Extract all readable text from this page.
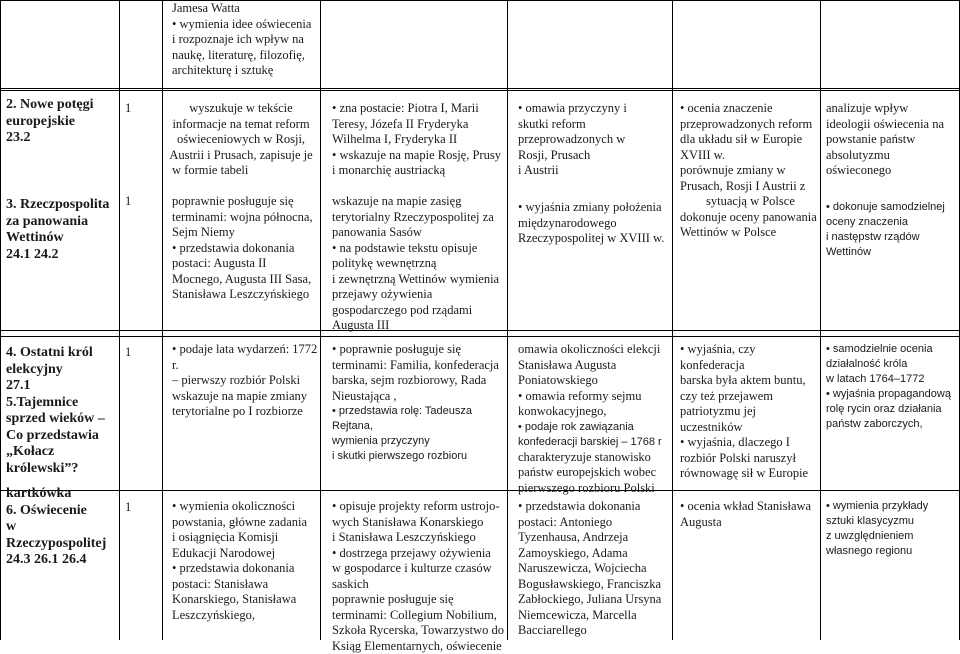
Jamesa Watta
• wymienia idee oświecenia
i rozpoznaje ich wpływ na
naukę, literaturę, filozofię,
architekturę i sztukę
2. Nowe potęgi
europejskie
23.2
3. Rzeczpospolita
za panowania
Wettinów
24.1 24.2
1
1
wyszukuje w tekście
informacje na temat reform
oświeceniowych w Rosji,
Austrii i Prusach, zapisuje je
w formie tabeli
poprawnie posługuje się
terminami: wojna północna,
Sejm Niemy
• przedstawia dokonania
postaci: Augusta II
Mocnego, Augusta III Sasa,
Stanisława Leszczyńskiego
• zna postacie: Piotra I, Marii
Teresy, Józefa II Fryderyka
Wilhelma I, Fryderyka II
• wskazuje na mapie Rosję, Prusy
i monarchię austriacką
wskazuje na mapie zasięg
terytorialny Rzeczypospolitej za
panowania Sasów
• na podstawie tekstu opisuje
politykę wewnętrzną
i zewnętrzną Wettinów wymienia
przejawy ożywienia
gospodarczego pod rządami
Augusta III
• omawia przyczyny i
skutki reform
przeprowadzonych w
Rosji, Prusach
i Austrii
• wyjaśnia zmiany położenia
międzynarodowego
Rzeczypospolitej w XVIII w.
• ocenia znaczenie
przeprowadzonych reform
dla układu sił w Europie
XVIII w.
porównuje zmiany w
Prusach, Rosji I Austrii z
sytuacją w Polsce
dokonuje oceny panowania
Wettinów w Polsce
analizuje wpływ
ideologii oświecenia na
powstanie państw
absolutyzmu
oświeconego
• dokonuje samodzielnej
oceny znaczenia
i następstw rządów
Wettinów
4. Ostatni król
elekcyjny
27.1
5.Tajemnice
sprzed wieków –
Co przedstawia
„Kołacz
królewski”?
kartkówka
6. Oświecenie
w
Rzeczypospolitej
24.3 26.1 26.4
1
1
• podaje lata wydarzeń: 1772 r.
– pierwszy rozbiór Polski
wskazuje na mapie zmiany
terytorialne po I rozbiorze
• wymienia okoliczności
powstania, główne zadania
i osiągnięcia Komisji
Edukacji Narodowej
• przedstawia dokonania
postaci: Stanisława
Konarskiego, Stanisława
Leszczyńskiego,
• poprawnie posługuje się
terminami: Familia, konfederacja
barska, sejm rozbiorowy, Rada
Nieustająca ,
• przedstawia rolę: Tadeusza Rejtana,
wymienia przyczyny
i skutki pierwszego rozbioru
• opisuje projekty reform ustrojo-
wych Stanisława Konarskiego
i Stanisława Leszczyńskiego
• dostrzega przejawy ożywienia
w gospodarce i kulturze czasów
saskich
poprawnie posługuje się
terminami: Collegium Nobilium,
Szkoła Rycerska, Towarzystwo do
Ksiąg Elementarnych, oświecenie
omawia okoliczności elekcji
Stanisława Augusta
Poniatowskiego
• omawia reformy sejmu
konwokacyjnego,
• podaje rok zawiązania
konfederacji barskiej – 1768 r
charakteryzuje stanowisko
państw europejskich wobec
pierwszego rozbioru Polski
• przedstawia dokonania
postaci: Antoniego
Tyzenhausa, Andrzeja
Zamoyskiego, Adama
Naruszewicza, Wojciecha
Bogusławskiego, Franciszka
Zabłockiego, Juliana Ursyna
Niemcewicza, Marcella
Bacciarellego
• wyjaśnia, czy konfederacja
barska była aktem buntu,
czy też przejawem
patriotyzmu jej uczestników
• wyjaśnia, dlaczego I
rozbiór Polski naruszył
równowagę sił w Europie
• ocenia wkład Stanisława
Augusta
• samodzielnie ocenia
działalność króla
w latach 1764–1772
• wyjaśnia propagandową
rolę rycin oraz działania
państw zaborczych,
• wymienia przykłady
sztuki klasycyzmu
z uwzględnieniem
własnego regionu
